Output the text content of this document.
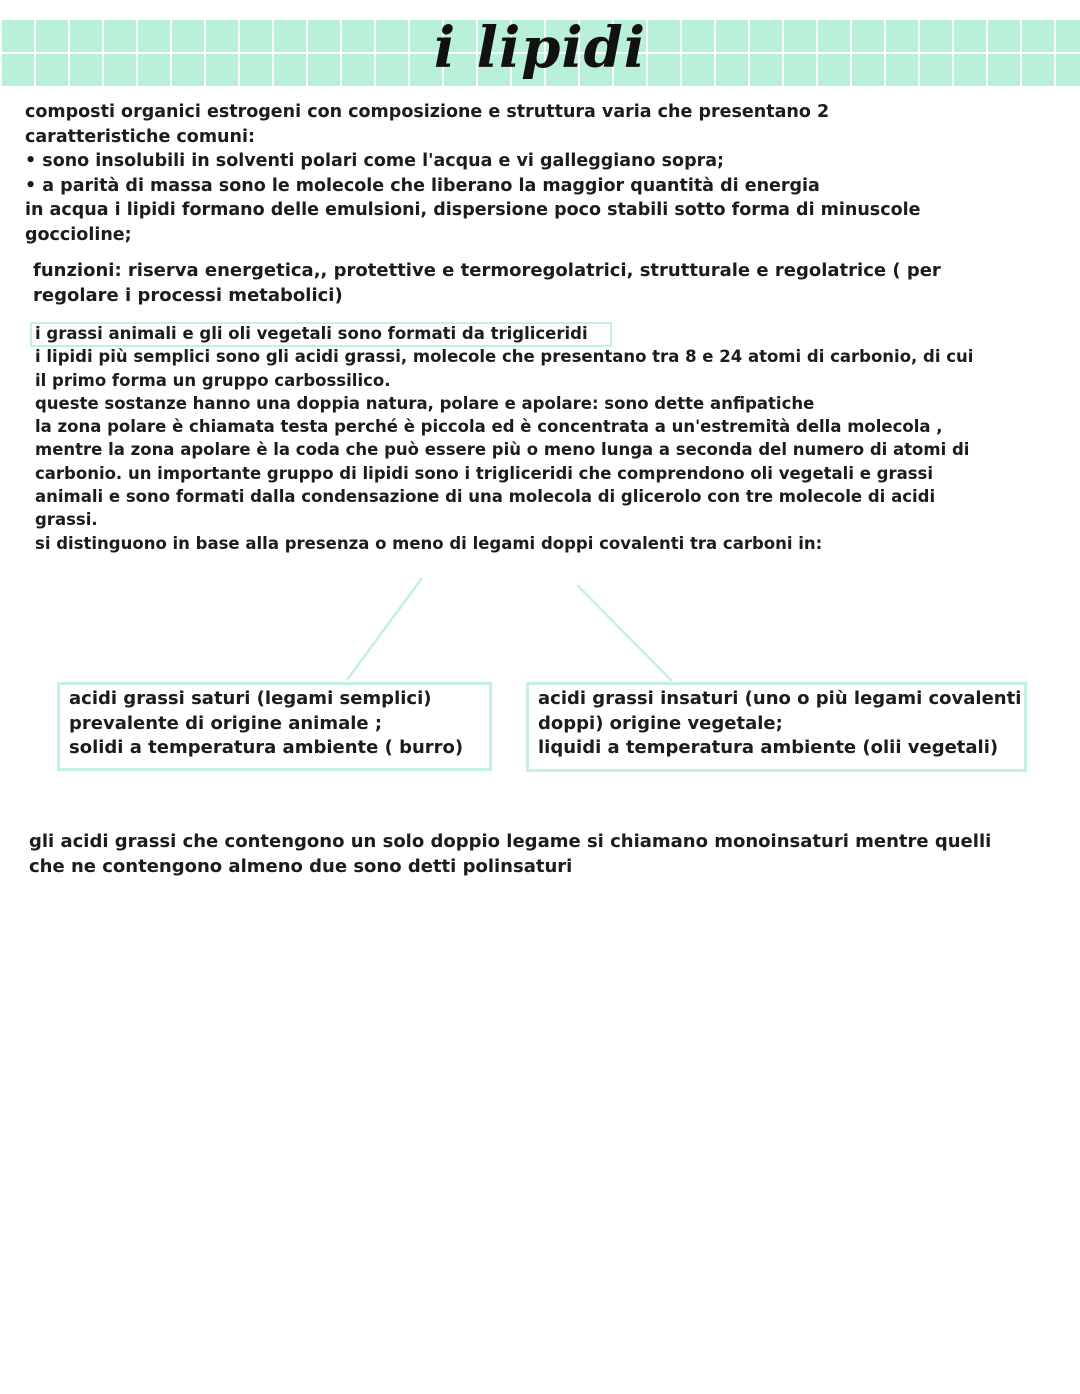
i lipidi

composti organici estrogeni con composizione e struttura varia che presentano 2

caratteristiche comuni:

• sono insolubili in solventi polari come l'acqua e vi galleggiano sopra;

• a parità di massa sono le molecole che liberano la maggior quantità di energia

in acqua i lipidi formano delle emulsioni, dispersione poco stabili sotto forma di minuscole

goccioline;

funzioni: riserva energetica,, protettive e termoregolatrici, strutturale e regolatrice ( per

regolare i processi metabolici)

i grassi animali e gli oli vegetali sono formati da trigliceridi

i lipidi più semplici sono gli acidi grassi, molecole che presentano tra 8 e 24 atomi di carbonio, di cui

il primo forma un gruppo carbossilico.

queste sostanze hanno una doppia natura, polare e apolare: sono dette anfipatiche

la zona polare è chiamata testa perché è piccola ed è concentrata a un'estremità della molecola ,

mentre la zona apolare è la coda che può essere più o meno lunga a seconda del numero di atomi di

carbonio. un importante gruppo di lipidi sono i trigliceridi che comprendono oli vegetali e grassi

animali e sono formati dalla condensazione di una molecola di glicerolo con tre molecole di acidi

grassi.

si distinguono in base alla presenza o meno di legami doppi covalenti tra carboni in:

acidi grassi saturi (legami semplici)

prevalente di origine animale ;

solidi a temperatura ambiente ( burro)

acidi grassi insaturi (uno o più legami covalenti

doppi) origine vegetale;

liquidi a temperatura ambiente (olii vegetali)

gli acidi grassi che contengono un solo doppio legame si chiamano monoinsaturi mentre quelli

che ne contengono almeno due sono detti polinsaturi
